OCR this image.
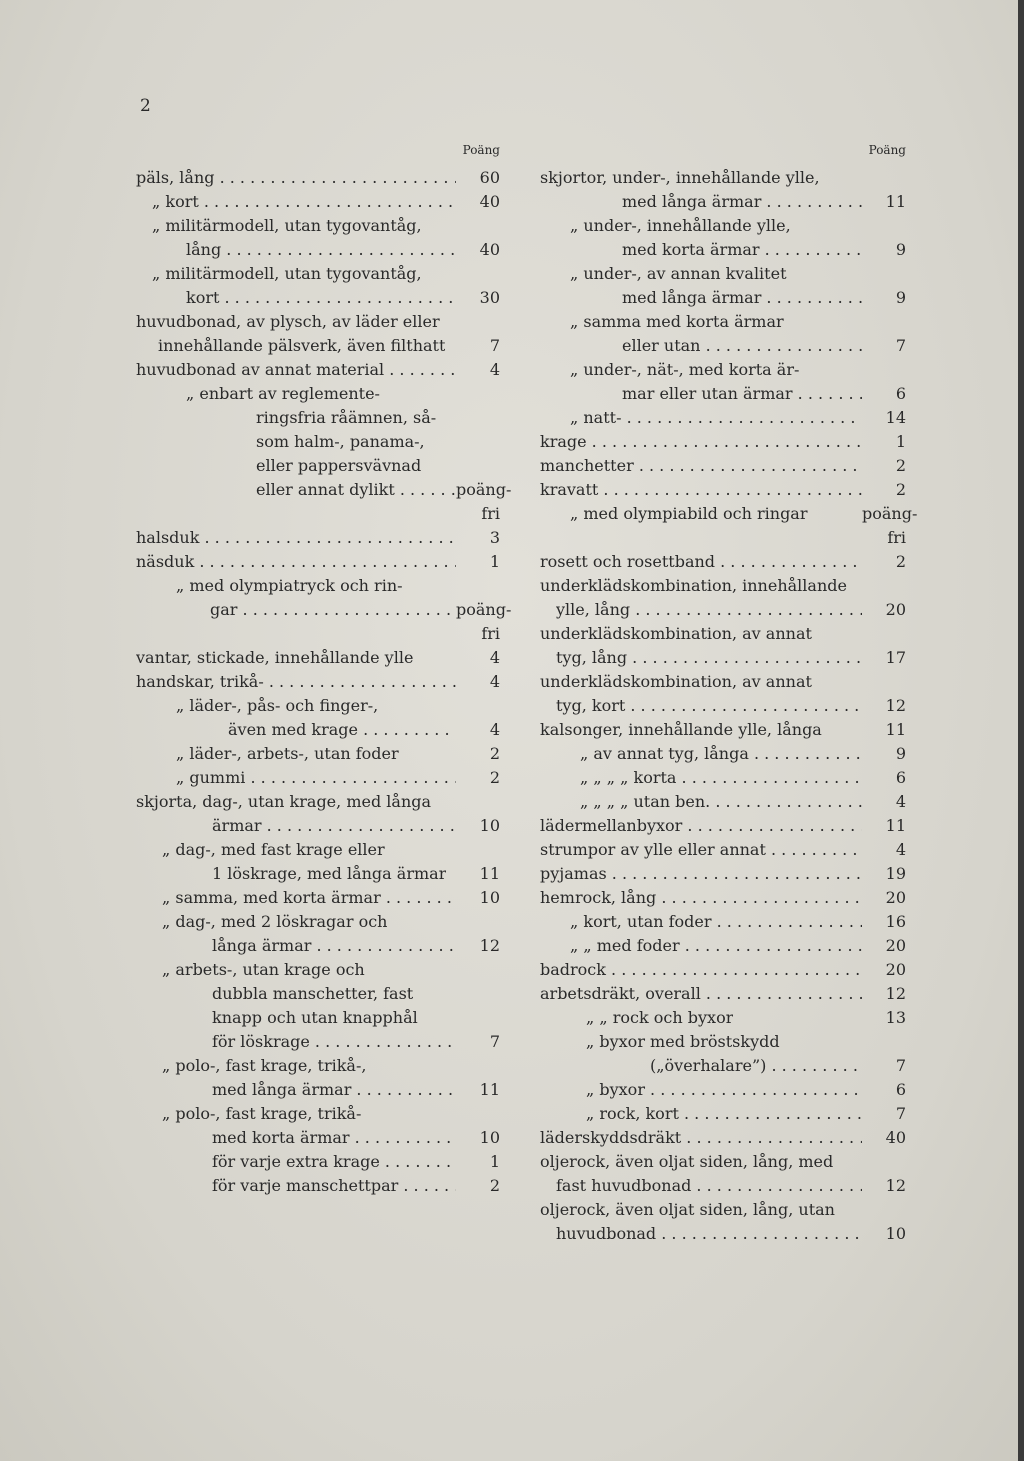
2
Poäng
päls, lång . . .	60
„ kort . . .	40
„ militärmodell, utan tygovantåg,
lång . . .	40
„ militärmodell, utan tygovantåg,
kort . . .	30
huvudbonad, av plysch, av läder eller
innehållande pälsverk, även filthatt	7
huvudbonad av annat material . . .	4
„ enbart av reglemente-
ringsfria råämnen, så-
som halm-, panama-,
eller pappersvävnad
eller annat dylikt . . .	poäng-
fri
halsduk . . .	3
näsduk . . .	1
„ med olympiatryck och rin-
gar . . .	poäng-
fri
vantar, stickade, innehållande ylle	4
handskar, trikå- . . .	4
„ läder-, pås- och finger-,
även med krage . . .	4
„ läder-, arbets-, utan foder	2
„ gummi . . .	2
skjorta, dag-, utan krage, med långa
ärmar . . .	10
„ dag-, med fast krage eller
1 löskrage, med långa ärmar	11
„ samma, med korta ärmar . . .	10
„ dag-, med 2 löskragar och
långa ärmar . . .	12
„ arbets-, utan krage och
dubbla manschetter, fast
knapp och utan knapphål
för löskrage . . .	7
„ polo-, fast krage, trikå-,
med långa ärmar . . .	11
„ polo-, fast krage, trikå-
med korta ärmar . . .	10
för varje extra krage . . .	1
för varje manschettpar . . .	2
Poäng
skjortor, under-, innehållande ylle,
med långa ärmar . . .	11
„ under-, innehållande ylle,
med korta ärmar . . .	9
„ under-, av annan kvalitet
med långa ärmar . . .	9
„ samma med korta ärmar
eller utan . . .	7
„ under-, nät-, med korta är-
mar eller utan ärmar . . .	6
„ natt- . . .	14
krage . . .	1
manchetter . . .	2
kravatt . . .	2
„ med olympiabild och ringar	poäng-
fri
rosett och rosettband . . .	2
underklädskombination, innehållande
ylle, lång . . .	20
underklädskombination, av annat
tyg, lång . . .	17
underklädskombination, av annat
tyg, kort . . .	12
kalsonger, innehållande ylle, långa	11
„ av annat tyg, långa . . .	9
„ „ „ „ korta . . .	6
„ „ „ „ utan ben. . . .	4
lädermellanbyxor . . .	11
strumpor av ylle eller annat . . .	4
pyjamas . . .	19
hemrock, lång . . .	20
„ kort, utan foder . . .	16
„ „ med foder . . .	20
badrock . . .	20
arbetsdräkt, overall . . .	12
„ „ rock och byxor	13
„ byxor med bröstskydd
(„överhalare”) . . .	7
„ byxor . . .	6
„ rock, kort . . .	7
läderskyddsdräkt . . .	40
oljerock, även oljat siden, lång, med
fast huvudbonad . . .	12
oljerock, även oljat siden, lång, utan
huvudbonad . . .	10
